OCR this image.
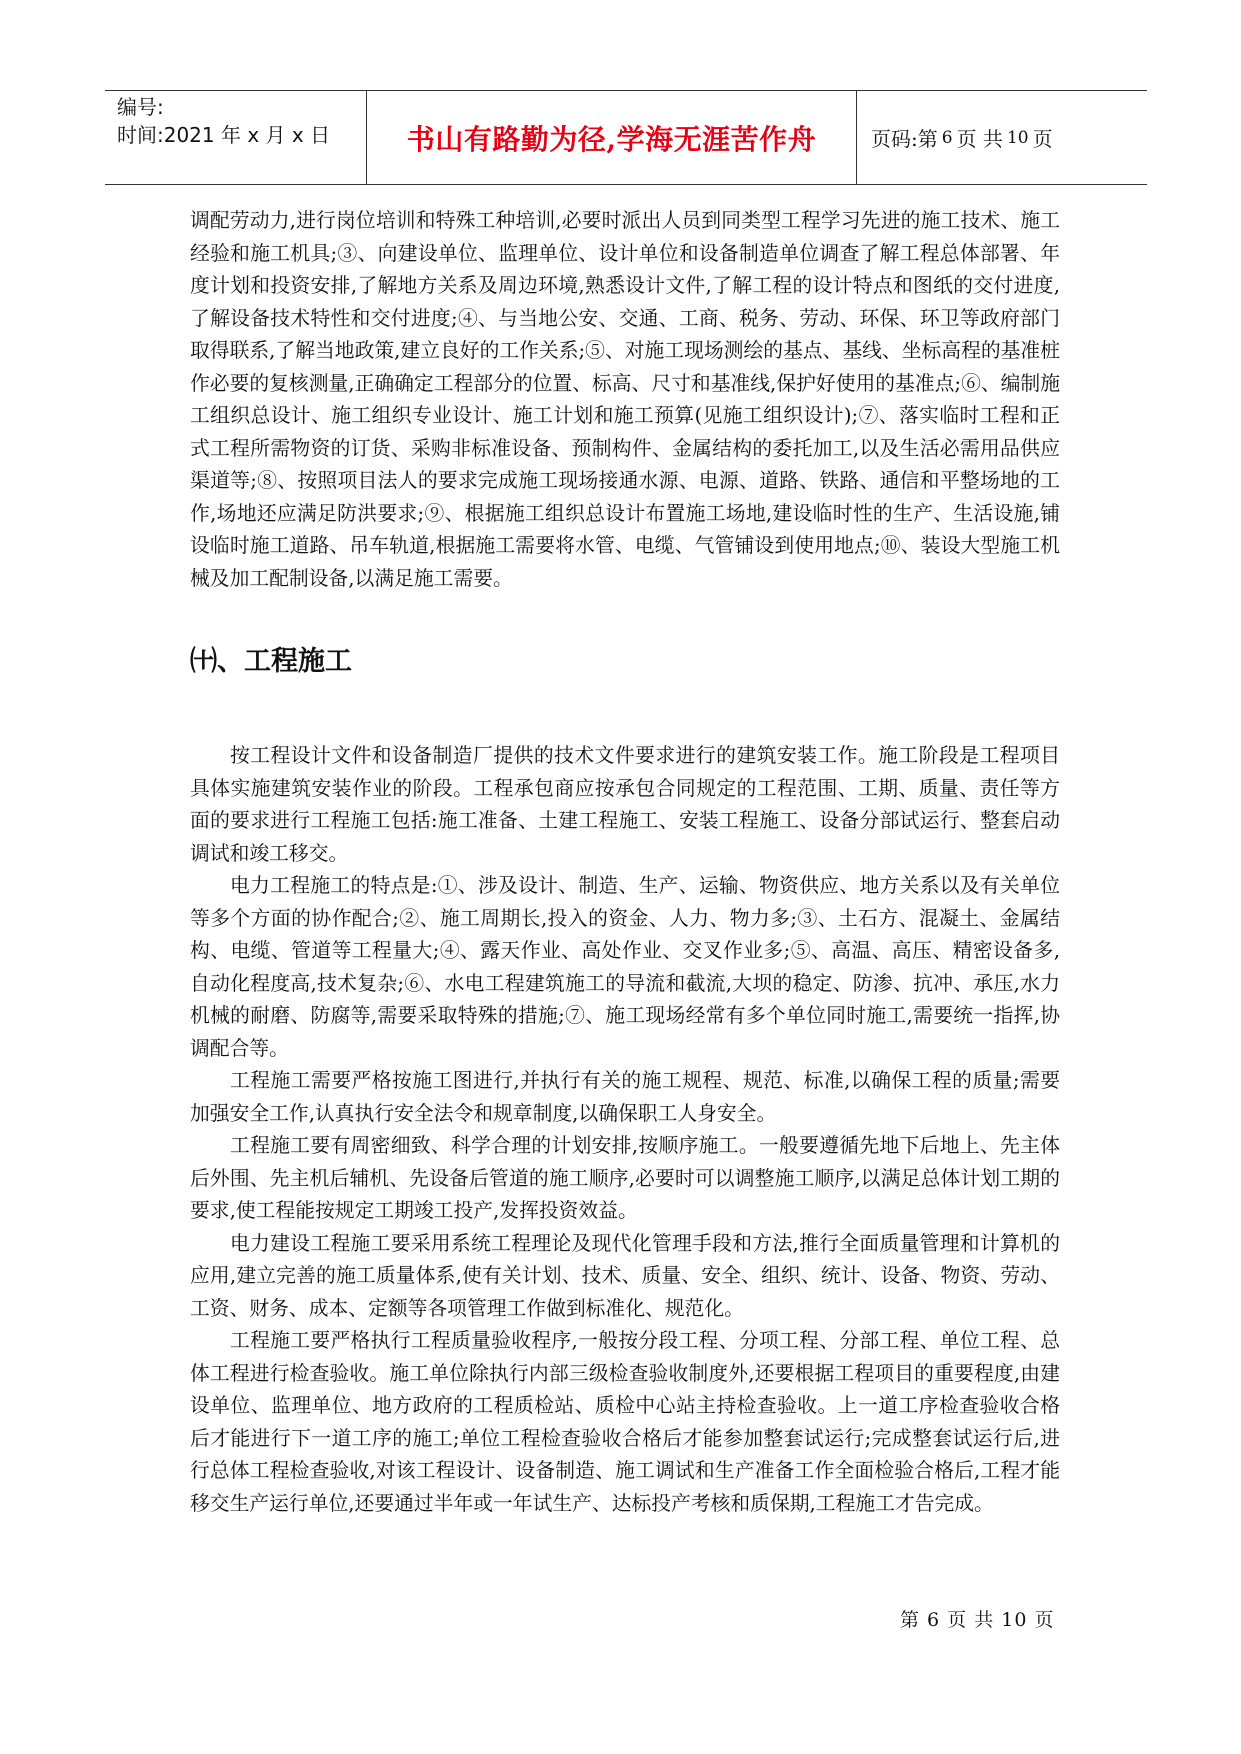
编号:
时间:2021 年 x 月 x 日	书山有路勤为径,学海无涯苦作舟	页码:第 6 页 共 10 页

调配劳动力,进行岗位培训和特殊工种培训,必要时派出人员到同类型工程学习先进的施工技术、施工经验和施工机具;③、向建设单位、监理单位、设计单位和设备制造单位调查了解工程总体部署、年度计划和投资安排,了解地方关系及周边环境,熟悉设计文件,了解工程的设计特点和图纸的交付进度,了解设备技术特性和交付进度;④、与当地公安、交通、工商、税务、劳动、环保、环卫等政府部门取得联系,了解当地政策,建立良好的工作关系;⑤、对施工现场测绘的基点、基线、坐标高程的基准桩作必要的复核测量,正确确定工程部分的位置、标高、尺寸和基准线,保护好使用的基准点;⑥、编制施工组织总设计、施工组织专业设计、施工计划和施工预算(见施工组织设计);⑦、落实临时工程和正式工程所需物资的订货、采购非标准设备、预制构件、金属结构的委托加工,以及生活必需用品供应渠道等;⑧、按照项目法人的要求完成施工现场接通水源、电源、道路、铁路、通信和平整场地的工作,场地还应满足防洪要求;⑨、根据施工组织总设计布置施工场地,建设临时性的生产、生活设施,铺设临时施工道路、吊车轨道,根据施工需要将水管、电缆、气管铺设到使用地点;⑩、装设大型施工机械及加工配制设备,以满足施工需要。

㈩、工程施工

按工程设计文件和设备制造厂提供的技术文件要求进行的建筑安装工作。施工阶段是工程项目具体实施建筑安装作业的阶段。工程承包商应按承包合同规定的工程范围、工期、质量、责任等方面的要求进行工程施工包括:施工准备、土建工程施工、安装工程施工、设备分部试运行、整套启动调试和竣工移交。

电力工程施工的特点是:①、涉及设计、制造、生产、运输、物资供应、地方关系以及有关单位等多个方面的协作配合;②、施工周期长,投入的资金、人力、物力多;③、土石方、混凝土、金属结构、电缆、管道等工程量大;④、露天作业、高处作业、交叉作业多;⑤、高温、高压、精密设备多,自动化程度高,技术复杂;⑥、水电工程建筑施工的导流和截流,大坝的稳定、防渗、抗冲、承压,水力机械的耐磨、防腐等,需要采取特殊的措施;⑦、施工现场经常有多个单位同时施工,需要统一指挥,协调配合等。

工程施工需要严格按施工图进行,并执行有关的施工规程、规范、标准,以确保工程的质量;需要加强安全工作,认真执行安全法令和规章制度,以确保职工人身安全。

工程施工要有周密细致、科学合理的计划安排,按顺序施工。一般要遵循先地下后地上、先主体后外围、先主机后辅机、先设备后管道的施工顺序,必要时可以调整施工顺序,以满足总体计划工期的要求,使工程能按规定工期竣工投产,发挥投资效益。

电力建设工程施工要采用系统工程理论及现代化管理手段和方法,推行全面质量管理和计算机的应用,建立完善的施工质量体系,使有关计划、技术、质量、安全、组织、统计、设备、物资、劳动、工资、财务、成本、定额等各项管理工作做到标准化、规范化。

工程施工要严格执行工程质量验收程序,一般按分段工程、分项工程、分部工程、单位工程、总体工程进行检查验收。施工单位除执行内部三级检查验收制度外,还要根据工程项目的重要程度,由建设单位、监理单位、地方政府的工程质检站、质检中心站主持检查验收。上一道工序检查验收合格后才能进行下一道工序的施工;单位工程检查验收合格后才能参加整套试运行;完成整套试运行后,进行总体工程检查验收,对该工程设计、设备制造、施工调试和生产准备工作全面检验合格后,工程才能移交生产运行单位,还要通过半年或一年试生产、达标投产考核和质保期,工程施工才告完成。

第 6 页 共 10 页
